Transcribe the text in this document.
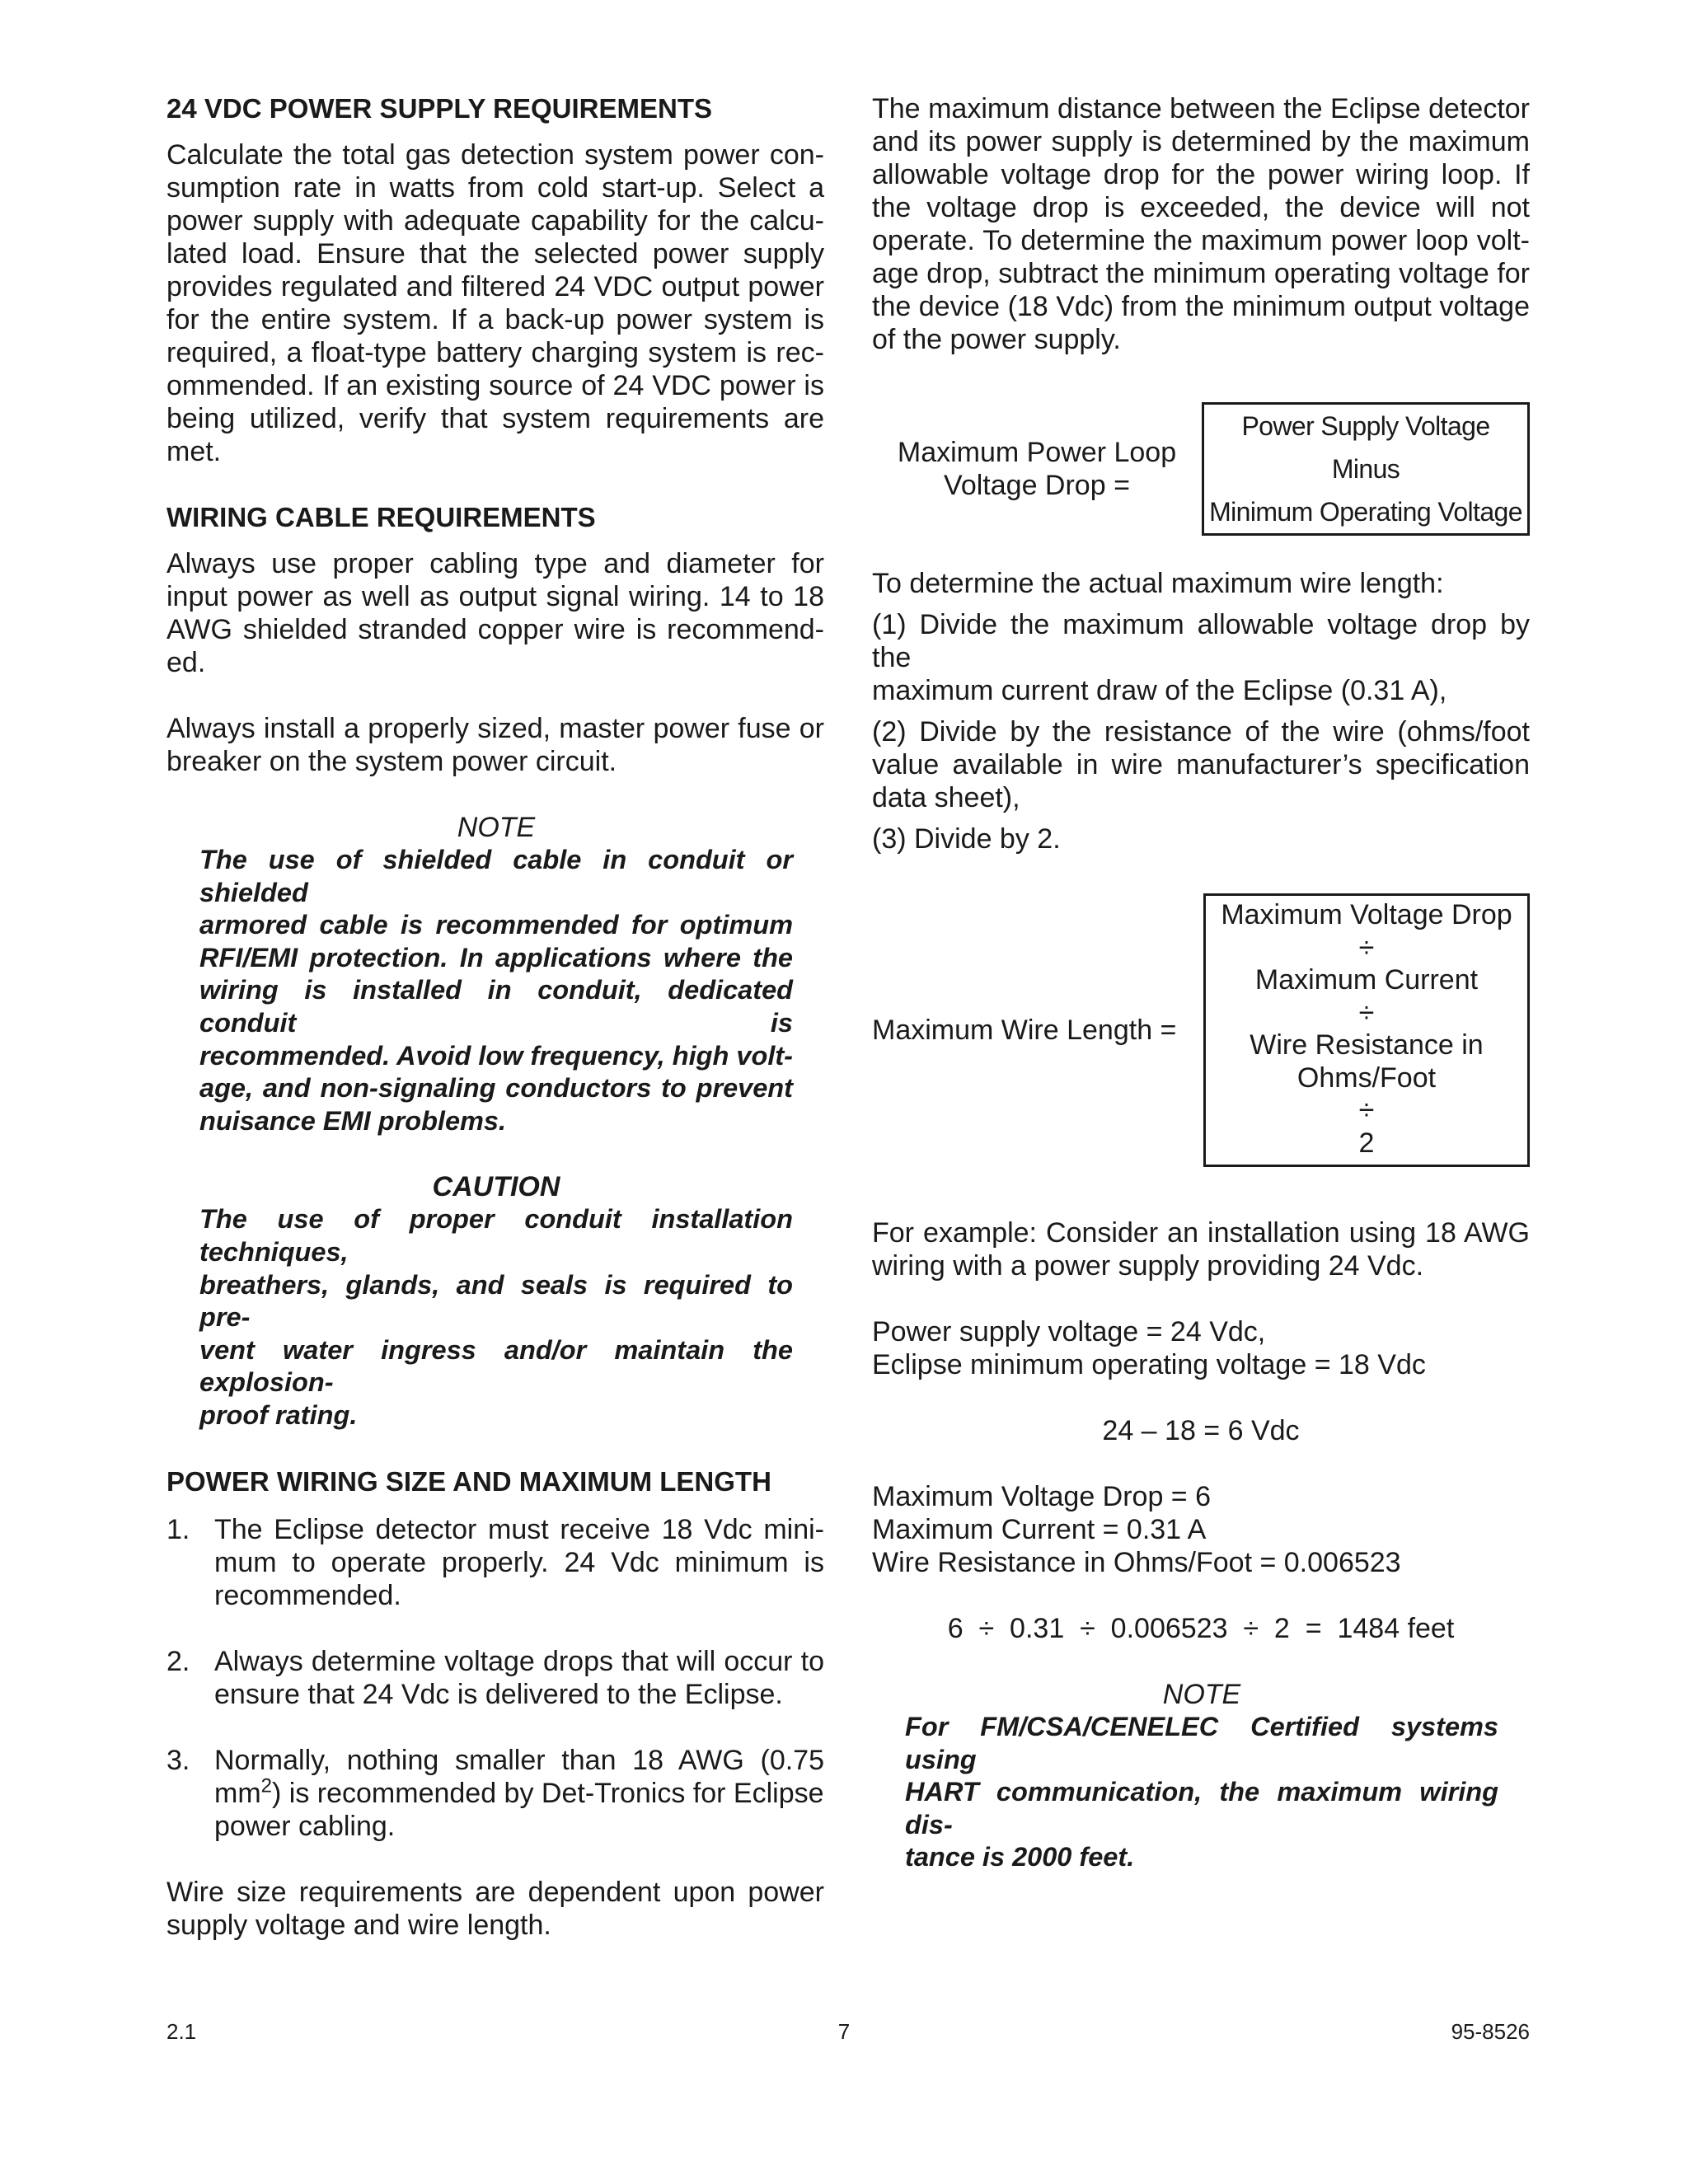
24 VDC POWER SUPPLY REQUIREMENTS

Calculate the total gas detection system power con-

sumption rate in watts from cold start-up. Select a

power supply with adequate capability for the calcu-

lated load. Ensure that the selected power supply

provides regulated and filtered 24 VDC output power

for the entire system. If a back-up power system is

required, a float-type battery charging system is rec-

ommended. If an existing source of 24 VDC power is

being utilized, verify that system requirements are

met.

WIRING CABLE REQUIREMENTS

Always use proper cabling type and diameter for

input power as well as output signal wiring. 14 to 18

AWG shielded stranded copper wire is recommend-

ed.

Always install a properly sized, master power fuse or

breaker on the system power circuit.

NOTE

The use of shielded cable in conduit or shielded

armored cable is recommended for optimum

RFI/EMI protection. In applications where the

wiring is installed in conduit, dedicated conduit is

recommended. Avoid low frequency, high volt-

age, and non-signaling conductors to prevent

nuisance EMI problems.

CAUTION

The use of proper conduit installation techniques,

breathers, glands, and seals is required to pre-

vent water ingress and/or maintain the explosion-

proof rating.

POWER WIRING SIZE AND MAXIMUM LENGTH
1. The Eclipse detector must receive 18 Vdc mini-

mum to operate properly. 24 Vdc minimum is

recommended.

2. Always determine voltage drops that will occur to

ensure that 24 Vdc is delivered to the Eclipse.

3. Normally, nothing smaller than 18 AWG (0.75

$mm^2$) is recommended by Det-Tronics for Eclipse

power cabling.

Wire size requirements are dependent upon power

supply voltage and wire length.

The maximum distance between the Eclipse detector

and its power supply is determined by the maximum

allowable voltage drop for the power wiring loop. If

the voltage drop is exceeded, the device will not

operate. To determine the maximum power loop volt-

age drop, subtract the minimum operating voltage for

the device (18 Vdc) from the minimum output voltage

of the power supply.

Maximum Power Loop

Voltage Drop =

Power Supply Voltage

Minus

Minimum Operating Voltage

To determine the actual maximum wire length:

(1) Divide the maximum allowable voltage drop by the

maximum current draw of the Eclipse (0.31 A),

(2) Divide by the resistance of the wire (ohms/foot

value available in wire manufacturer’s specification

data sheet),

(3) Divide by 2.

Maximum Wire Length =

Maximum Voltage Drop

÷

Maximum Current

÷

Wire Resistance in

Ohms/Foot

÷

2

For example: Consider an installation using 18 AWG

wiring with a power supply providing 24 Vdc.

Power supply voltage = 24 Vdc,

Eclipse minimum operating voltage = 18 Vdc

24 – 18 = 6 Vdc

Maximum Voltage Drop = 6

Maximum Current = 0.31 A

Wire Resistance in Ohms/Foot = 0.006523

6  ÷  0.31  ÷  0.006523  ÷  2  =  1484 feet

NOTE

For FM/CSA/CENELEC Certified systems using

HART communication, the maximum wiring dis-

tance is 2000 feet.

2.1	7	95-8526
